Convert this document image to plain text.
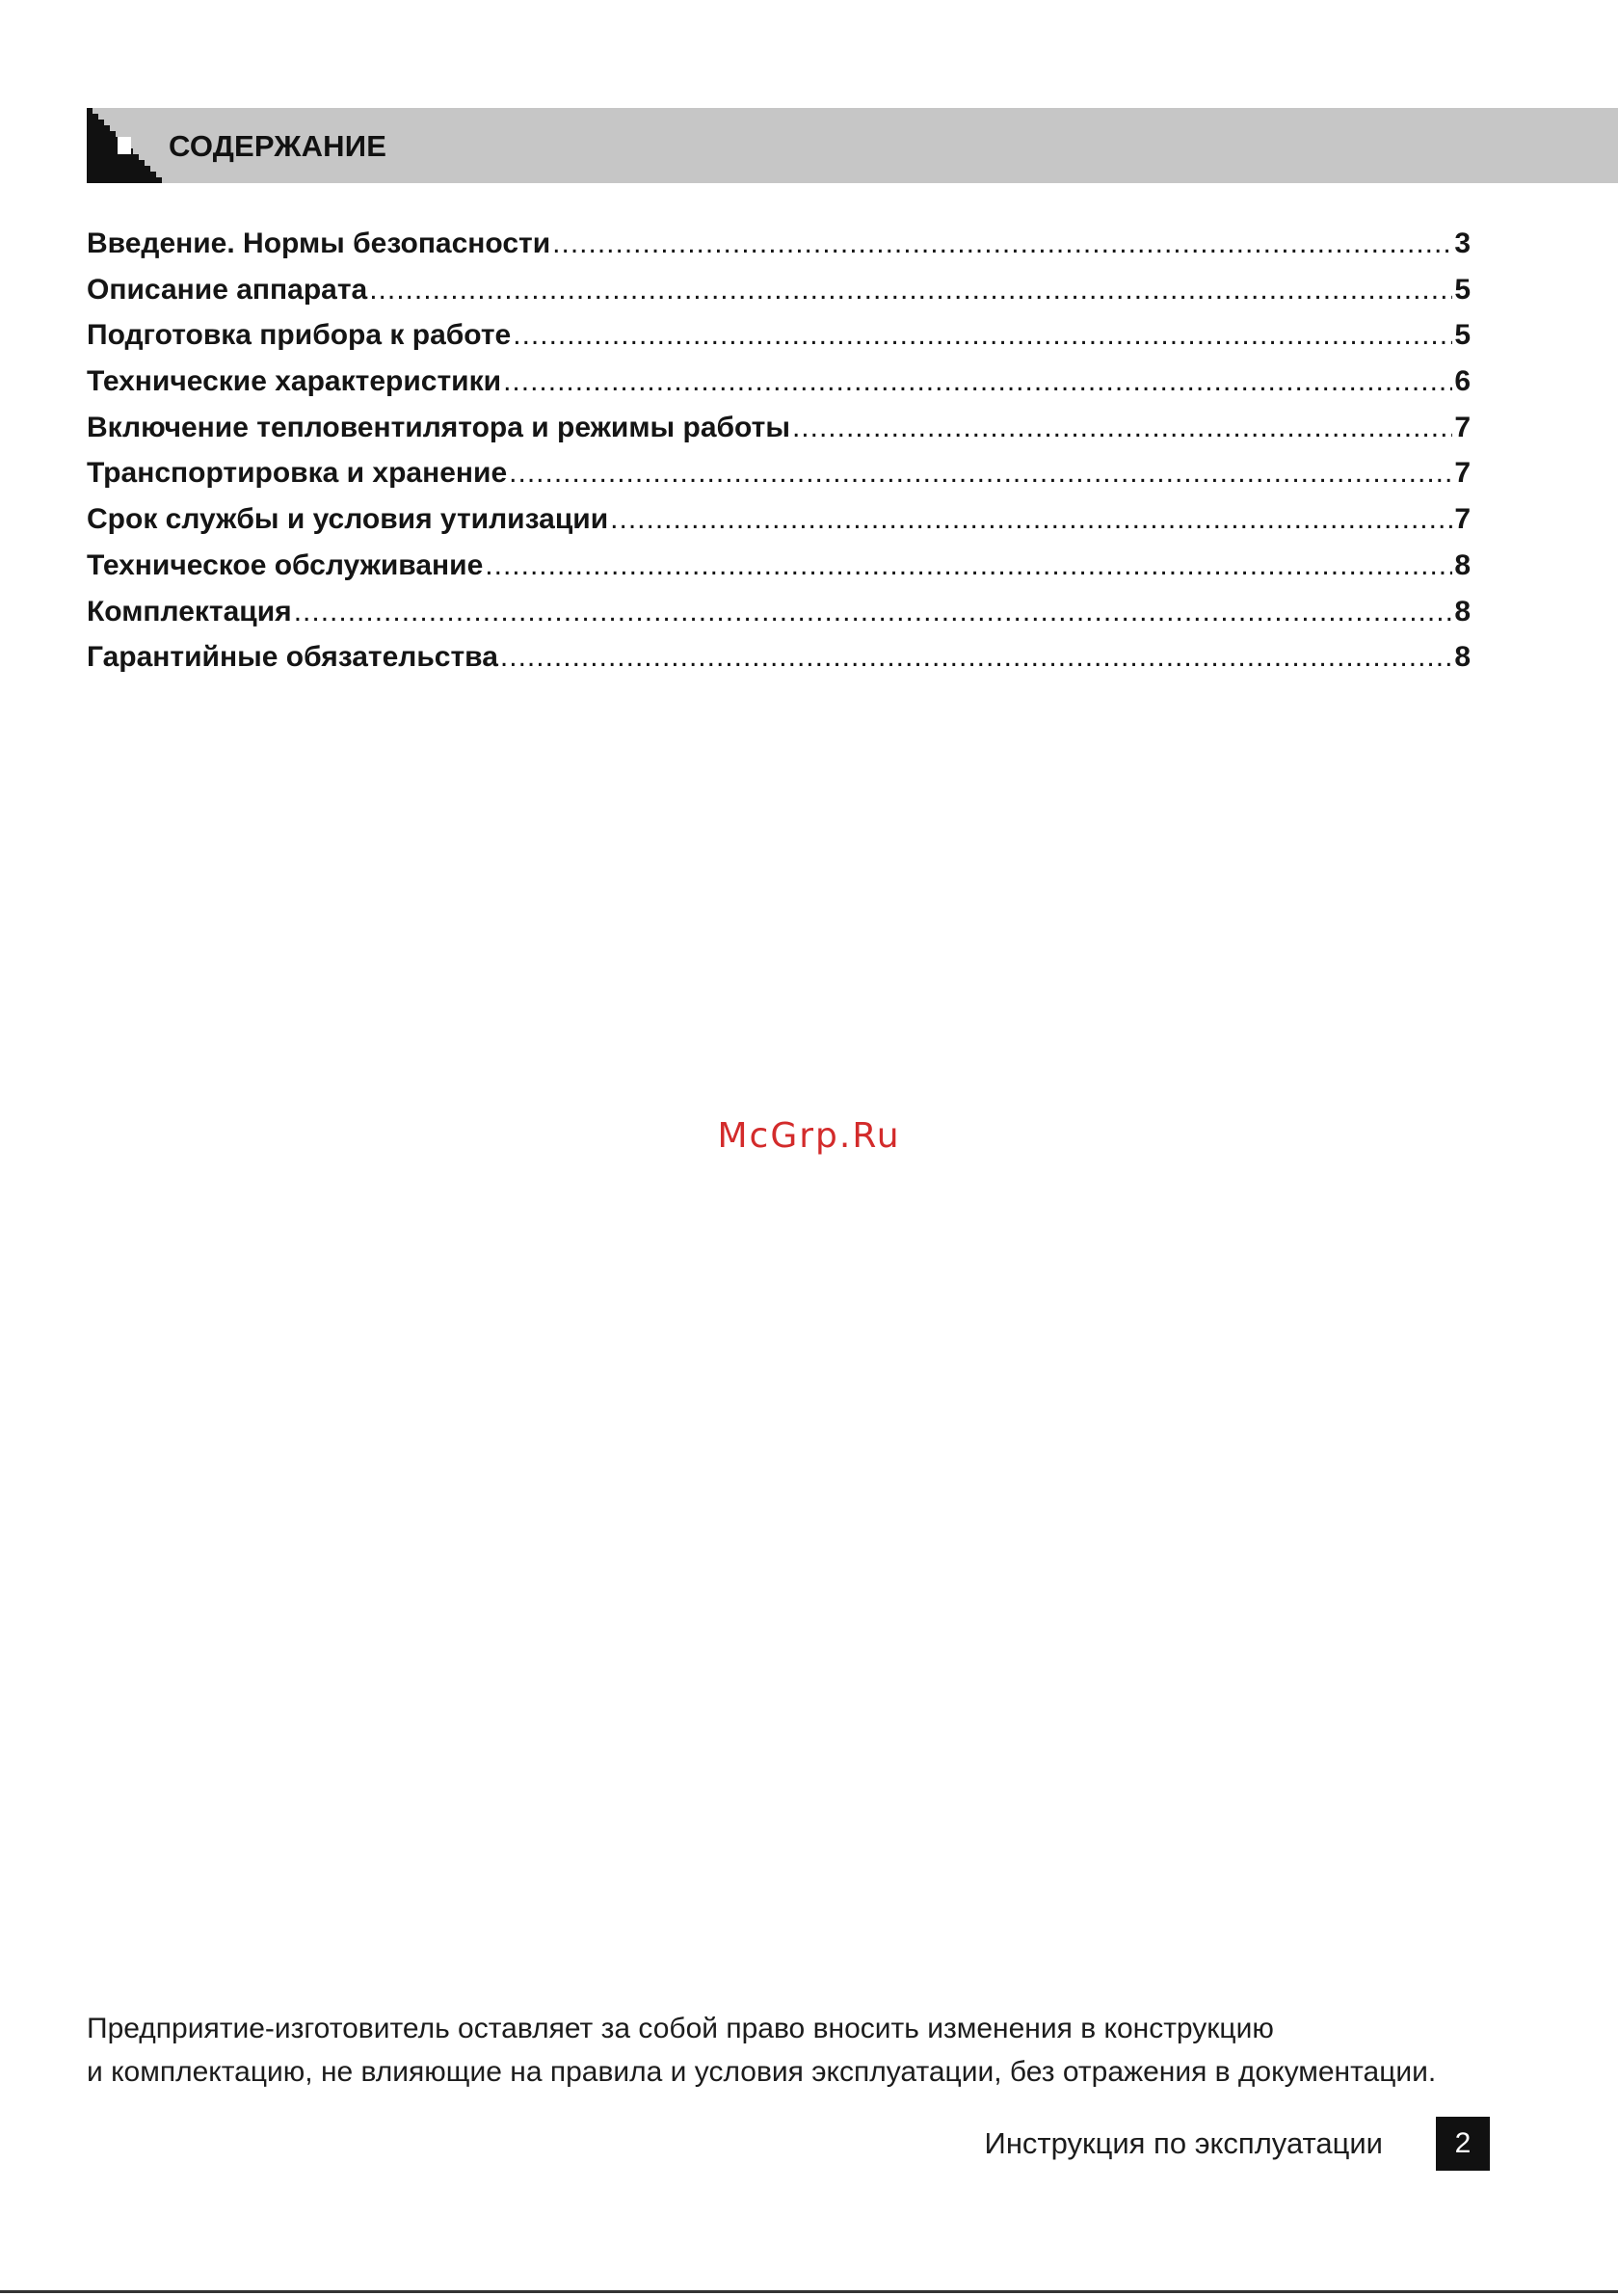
СОДЕРЖАНИЕ
Введение. Нормы безопасности .....	3
Описание аппарата .....	5
Подготовка прибора к работе .....	5
Технические характеристики .....	6
Включение тепловентилятора и режимы работы .....	7
Транспортировка и хранение .....	7
Срок службы и условия утилизации .....	7
Техническое обслуживание .....	8
Комплектация .....	8
Гарантийные обязательства .....	8
McGrp.Ru

Предприятие-изготовитель оставляет за собой право вносить изменения в конструкцию

и комплектацию, не влияющие на правила и условия эксплуатации, без отражения в документации.

Инструкция по эксплуатации	2
